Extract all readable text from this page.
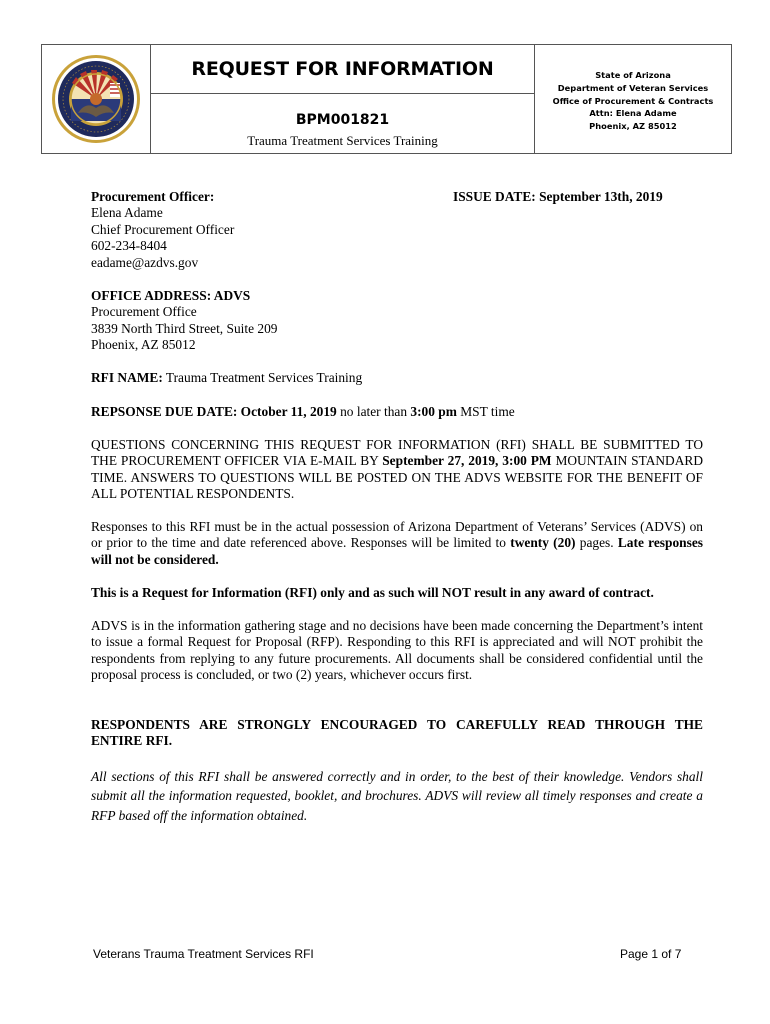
REQUEST FOR INFORMATION
BPM001821
Trauma Treatment Services Training
State of Arizona
Department of Veteran Services
Office of Procurement & Contracts
Attn: Elena Adame
Phoenix, AZ 85012
Procurement Officer:
Elena Adame
Chief Procurement Officer
602-234-8404
eadame@azdvs.gov
ISSUE DATE: September 13th, 2019
OFFICE ADDRESS: ADVS
Procurement Office
3839 North Third Street, Suite 209
Phoenix, AZ 85012
RFI NAME: Trauma Treatment Services Training
REPSONSE DUE DATE: October 11, 2019 no later than 3:00 pm MST time
QUESTIONS CONCERNING THIS REQUEST FOR INFORMATION (RFI) SHALL BE SUBMITTED TO THE PROCUREMENT OFFICER VIA E-MAIL BY September 27, 2019, 3:00 PM MOUNTAIN STANDARD TIME. ANSWERS TO QUESTIONS WILL BE POSTED ON THE ADVS WEBSITE FOR THE BENEFIT OF ALL POTENTIAL RESPONDENTS.
Responses to this RFI must be in the actual possession of Arizona Department of Veterans’ Services (ADVS) on or prior to the time and date referenced above. Responses will be limited to twenty (20) pages. Late responses will not be considered.
This is a Request for Information (RFI) only and as such will NOT result in any award of contract.
ADVS is in the information gathering stage and no decisions have been made concerning the Department’s intent to issue a formal Request for Proposal (RFP). Responding to this RFI is appreciated and will NOT prohibit the respondents from replying to any future procurements. All documents shall be considered confidential until the proposal process is concluded, or two (2) years, whichever occurs first.
RESPONDENTS ARE STRONGLY ENCOURAGED TO CAREFULLY READ THROUGH THE ENTIRE RFI.
All sections of this RFI shall be answered correctly and in order, to the best of their knowledge. Vendors shall submit all the information requested, booklet, and brochures. ADVS will review all timely responses and create a RFP based off the information obtained.
Veterans Trauma Treatment Services RFI	Page 1 of 7
